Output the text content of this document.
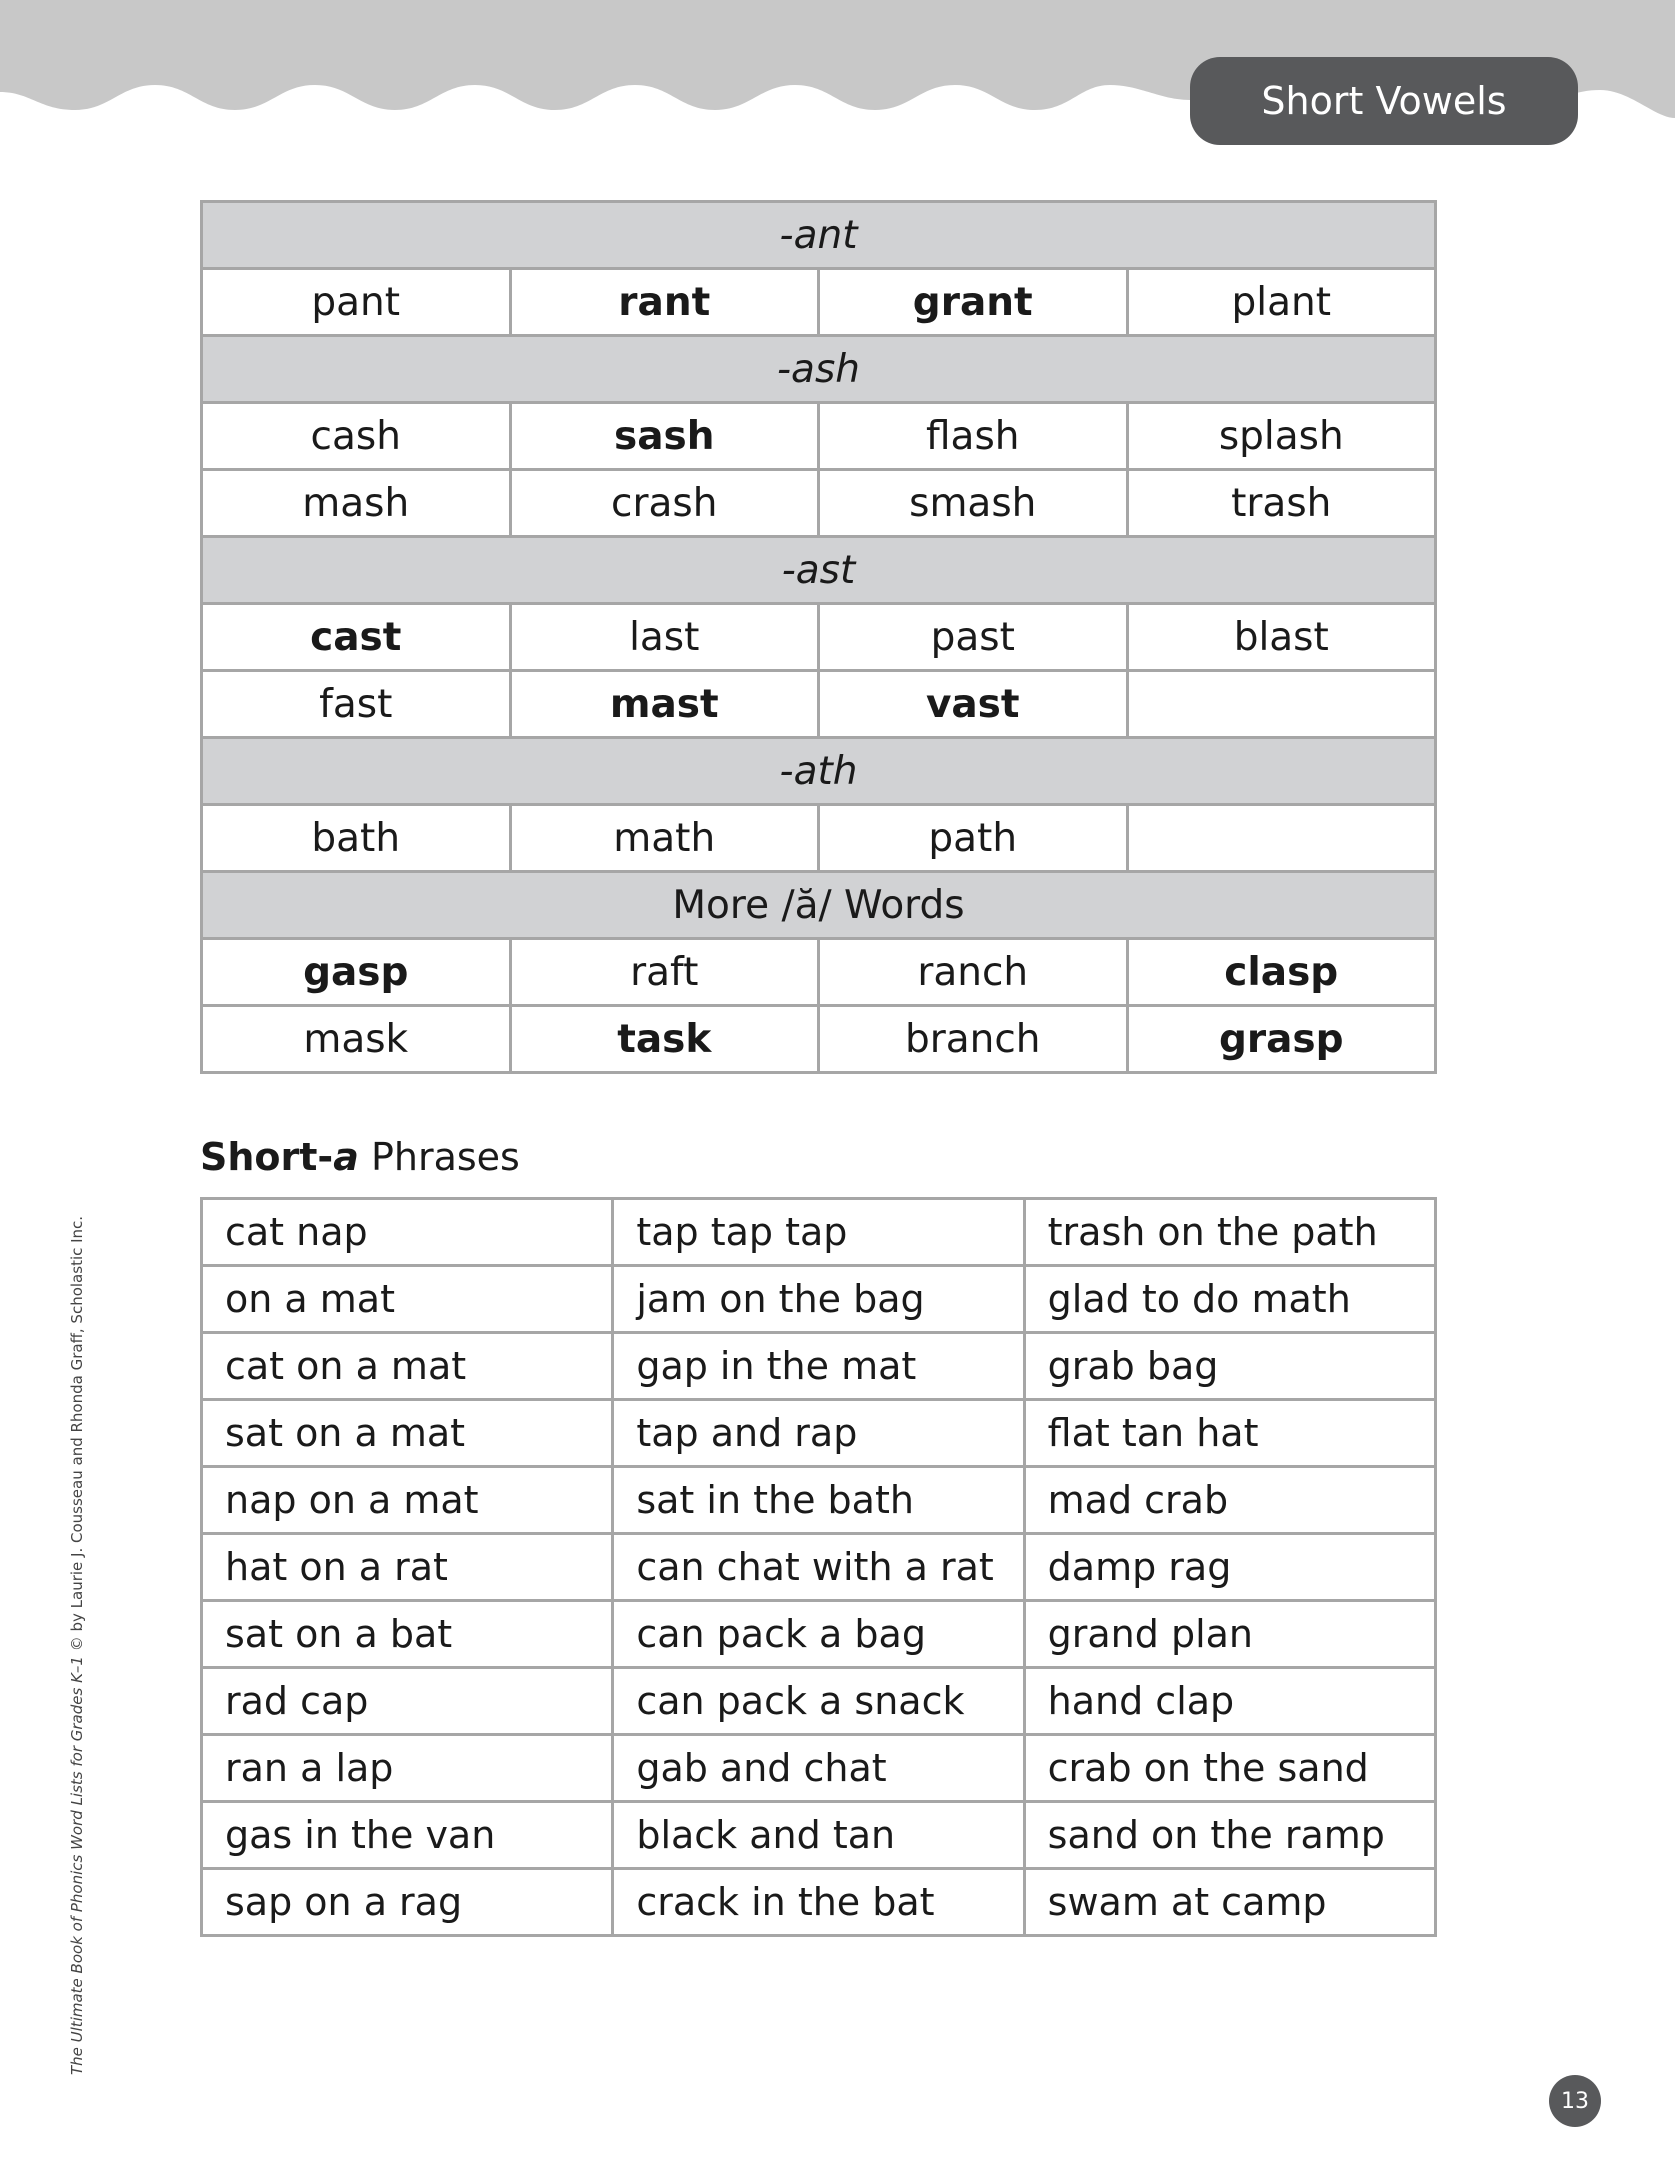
Short Vowels
-ant			
pant	rant	grant	plant
-ash			
cash	sash	flash	splash
mash	crash	smash	trash
-ast			
cast	last	past	blast
fast	mast	vast	
-ath			
bath	math	path	
More /ă/ Words			
gasp	raft	ranch	clasp
mask	task	branch	grasp
Short-a Phrases
cat nap	tap tap tap	trash on the path
on a mat	jam on the bag	glad to do math
cat on a mat	gap in the mat	grab bag
sat on a mat	tap and rap	flat tan hat
nap on a mat	sat in the bath	mad crab
hat on a rat	can chat with a rat	damp rag
sat on a bat	can pack a bag	grand plan
rad cap	can pack a snack	hand clap
ran a lap	gab and chat	crab on the sand
gas in the van	black and tan	sand on the ramp
sap on a rag	crack in the bat	swam at camp
The Ultimate Book of Phonics Word Lists for Grades K–1 © by Laurie J. Cousseau and Rhonda Graff, Scholastic Inc.
13
